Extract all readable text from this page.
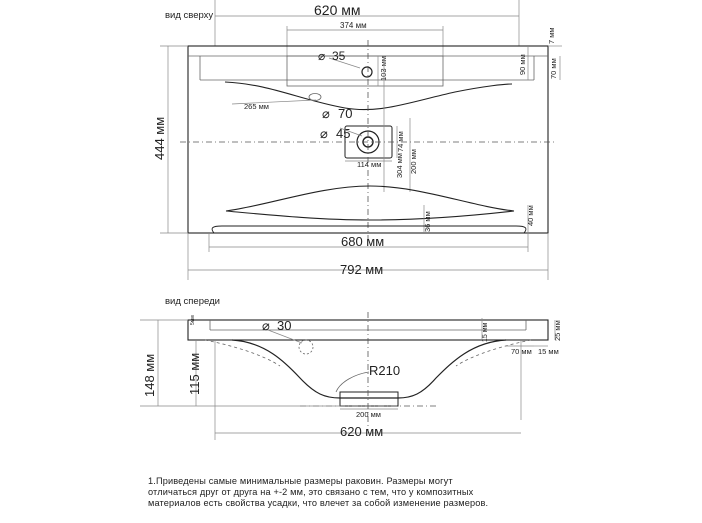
вид сверху	620 мм
374 мм
⌀ 35
103 мм	90 мм
7 мм
70 мм
265 мм	⌀ 70
⌀ 45
114 мм
74 мм
200 мм
304 мм
444 мм
36 мм	40 мм
680 мм
792 мм
вид спереди
5мм
200 мм
⌀ 30
R210
15 мм	25 мм
70 мм 15 мм
148 мм 115 мм
620 мм
1.Приведены самые минимальные размеры раковин. Размеры могут
отличаться друг от друга на +-2 мм, это связано с тем, что у композитных
материалов есть свойства усадки, что влечет за собой изменение размеров.
